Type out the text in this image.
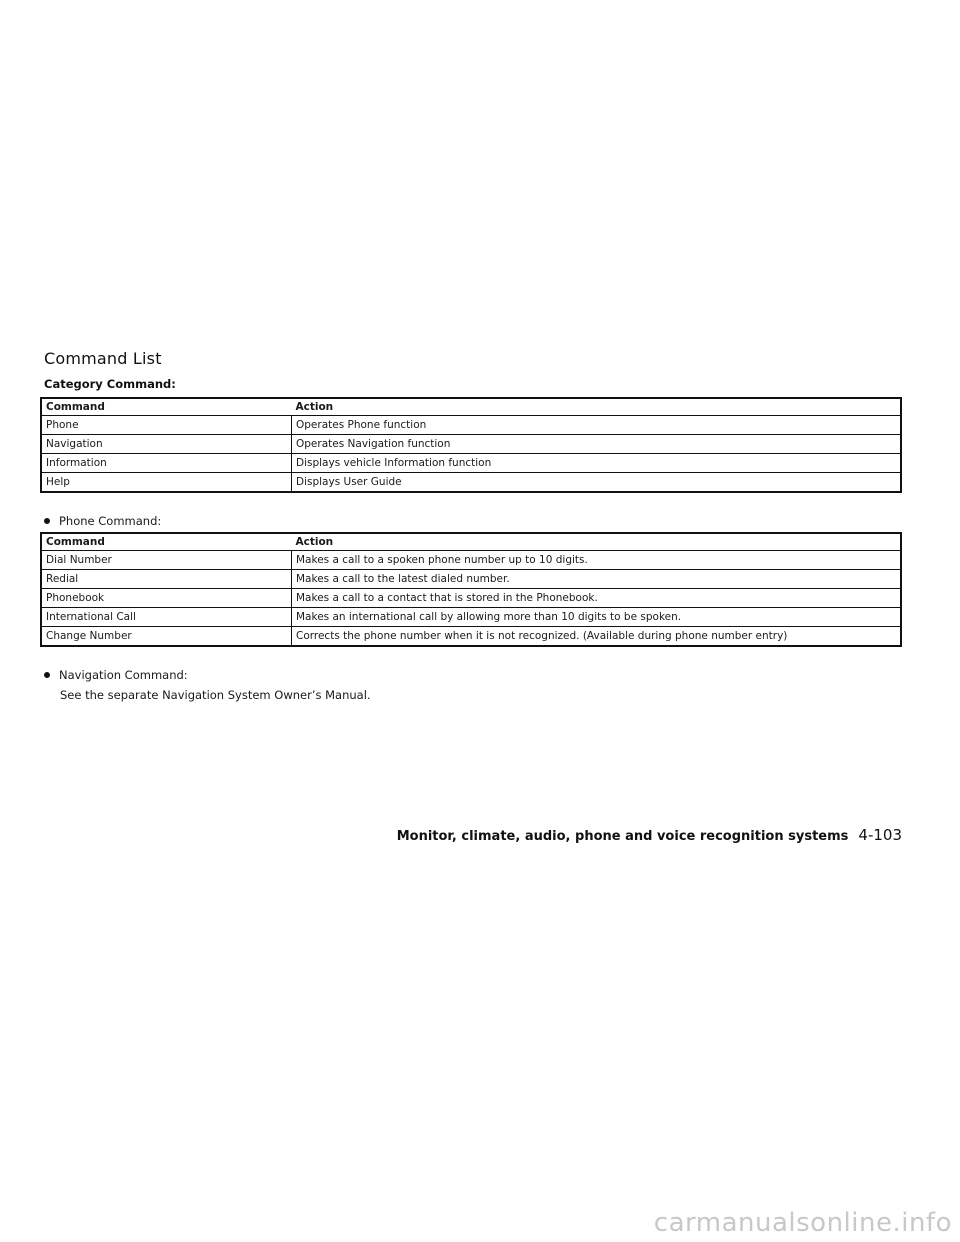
Command List
Category Command:
Command	Action
Phone	Operates Phone function
Navigation	Operates Navigation function
Information	Displays vehicle Information function
Help	Displays User Guide
Phone Command:
Command	Action
Dial Number	Makes a call to a spoken phone number up to 10 digits.
Redial	Makes a call to the latest dialed number.
Phonebook	Makes a call to a contact that is stored in the Phonebook.
International Call	Makes an international call by allowing more than 10 digits to be spoken.
Change Number	Corrects the phone number when it is not recognized. (Available during phone number entry)
Navigation Command:
See the separate Navigation System Owner’s Manual.
Monitor, climate, audio, phone and voice recognition systems 4-103
carmanualsonline.info
